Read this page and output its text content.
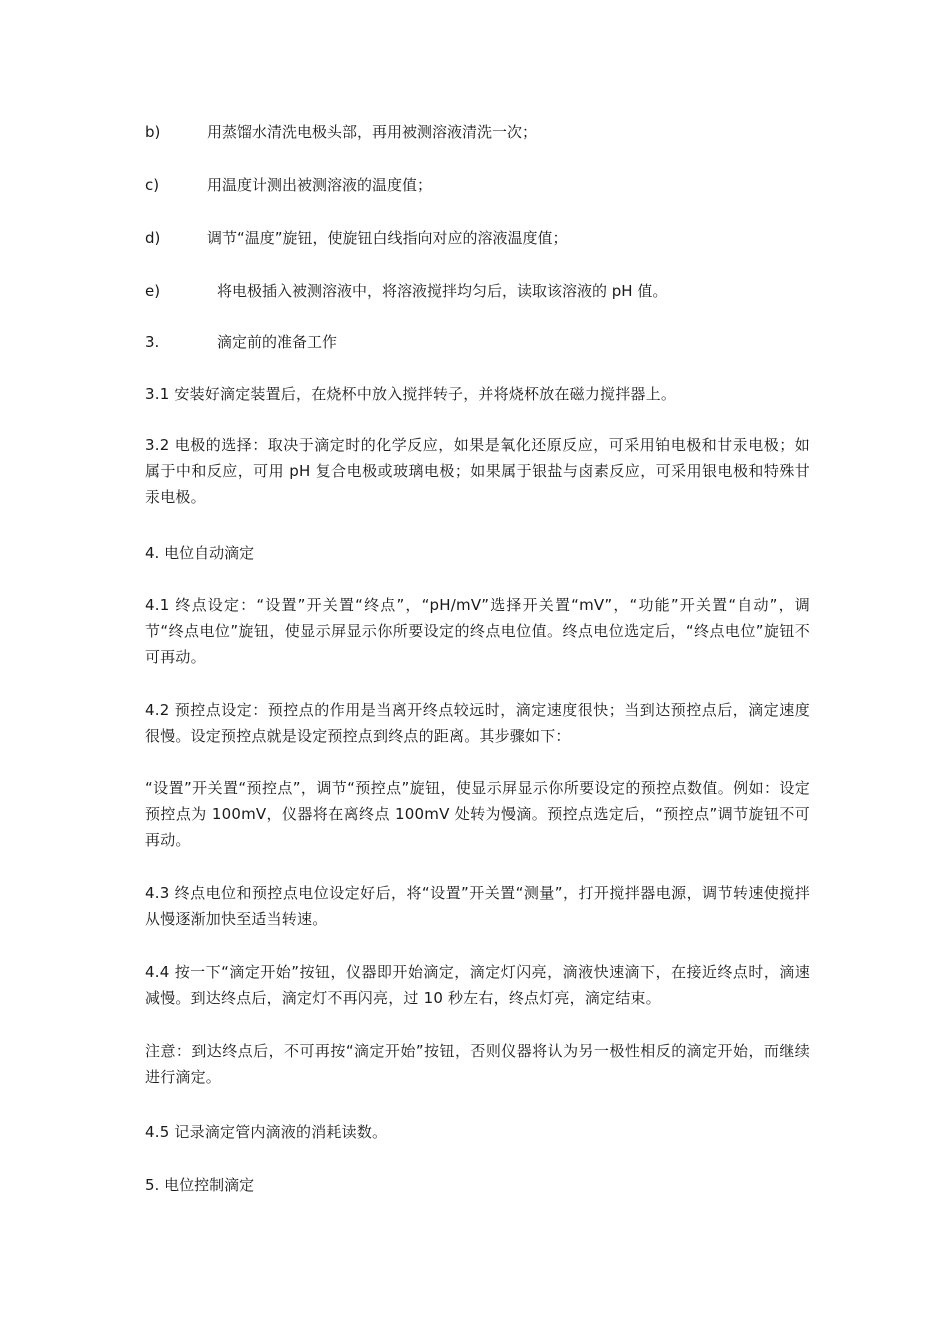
b)	用蒸馏水清洗电极头部，再用被测溶液清洗一次；
c)	用温度计测出被测溶液的温度值；
d)	调节“温度”旋钮，使旋钮白线指向对应的溶液温度值；
e)	将电极插入被测溶液中，将溶液搅拌均匀后，读取该溶液的 pH 值。
3.	滴定前的准备工作
3.1 安装好滴定装置后，在烧杯中放入搅拌转子，并将烧杯放在磁力搅拌器上。
3.2 电极的选择：取决于滴定时的化学反应，如果是氧化还原反应，可采用铂电极和甘汞电极；如属于中和反应，可用 pH 复合电极或玻璃电极；如果属于银盐与卤素反应，可采用银电极和特殊甘汞电极。
4. 电位自动滴定
4.1 终点设定：“设置”开关置“终点”，“pH/mV”选择开关置“mV”，“功能”开关置“自动”，调节“终点电位”旋钮，使显示屏显示你所要设定的终点电位值。终点电位选定后，“终点电位”旋钮不可再动。
4.2 预控点设定：预控点的作用是当离开终点较远时，滴定速度很快；当到达预控点后，滴定速度很慢。设定预控点就是设定预控点到终点的距离。其步骤如下：
“设置”开关置“预控点”，调节“预控点”旋钮，使显示屏显示你所要设定的预控点数值。例如：设定预控点为 100mV，仪器将在离终点 100mV 处转为慢滴。预控点选定后，“预控点”调节旋钮不可再动。
4.3 终点电位和预控点电位设定好后，将“设置”开关置“测量”，打开搅拌器电源，调节转速使搅拌从慢逐渐加快至适当转速。
4.4 按一下“滴定开始”按钮，仪器即开始滴定，滴定灯闪亮，滴液快速滴下，在接近终点时，滴速减慢。到达终点后，滴定灯不再闪亮，过 10 秒左右，终点灯亮，滴定结束。
注意：到达终点后，不可再按“滴定开始”按钮，否则仪器将认为另一极性相反的滴定开始，而继续进行滴定。
4.5 记录滴定管内滴液的消耗读数。
5. 电位控制滴定
